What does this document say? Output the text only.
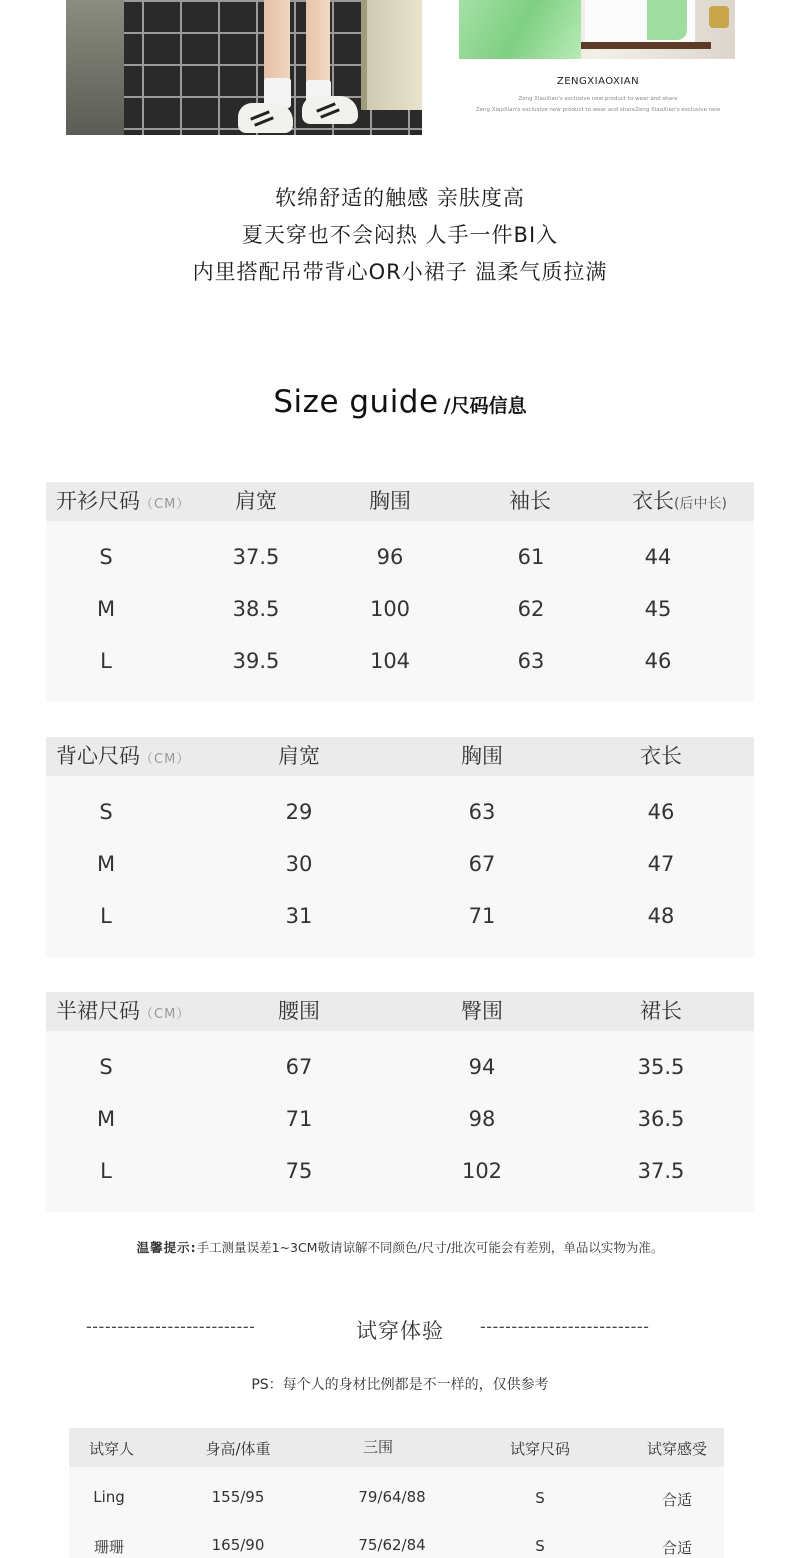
ZENGXIAOXIAN
Zeng XiaoXian's exclusive new product to wear and share
Zeng XiaoXian's exclusive new product to wear and shareZeng XiaoXian's exclusive new
软绵舒适的触感 亲肤度高
夏天穿也不会闷热 人手一件BI入
内里搭配吊带背心OR小裙子 温柔气质拉满
Size guide /尺码信息
开衫尺码（CM）	肩宽	胸围	袖长	衣长(后中长)
S	37.5	96	61	44
M	38.5	100	62	45
L	39.5	104	63	46
背心尺码（CM）	肩宽	胸围	衣长
S	29	63	46
M	30	67	47
L	31	71	48
半裙尺码（CM）	腰围	臀围	裙长
S	67	94	35.5
M	71	98	36.5
L	75	102	37.5
温馨提示:手工测量误差1~3CM敬请谅解不同颜色/尺寸/批次可能会有差别，单品以实物为准。
---------------------------	试穿体验	---------------------------
PS：每个人的身材比例都是不一样的，仅供参考
试穿人	身高/体重	三围	试穿尺码	试穿感受
Ling	155/95	79/64/88	S	合适
珊珊	165/90	75/62/84	S	合适
